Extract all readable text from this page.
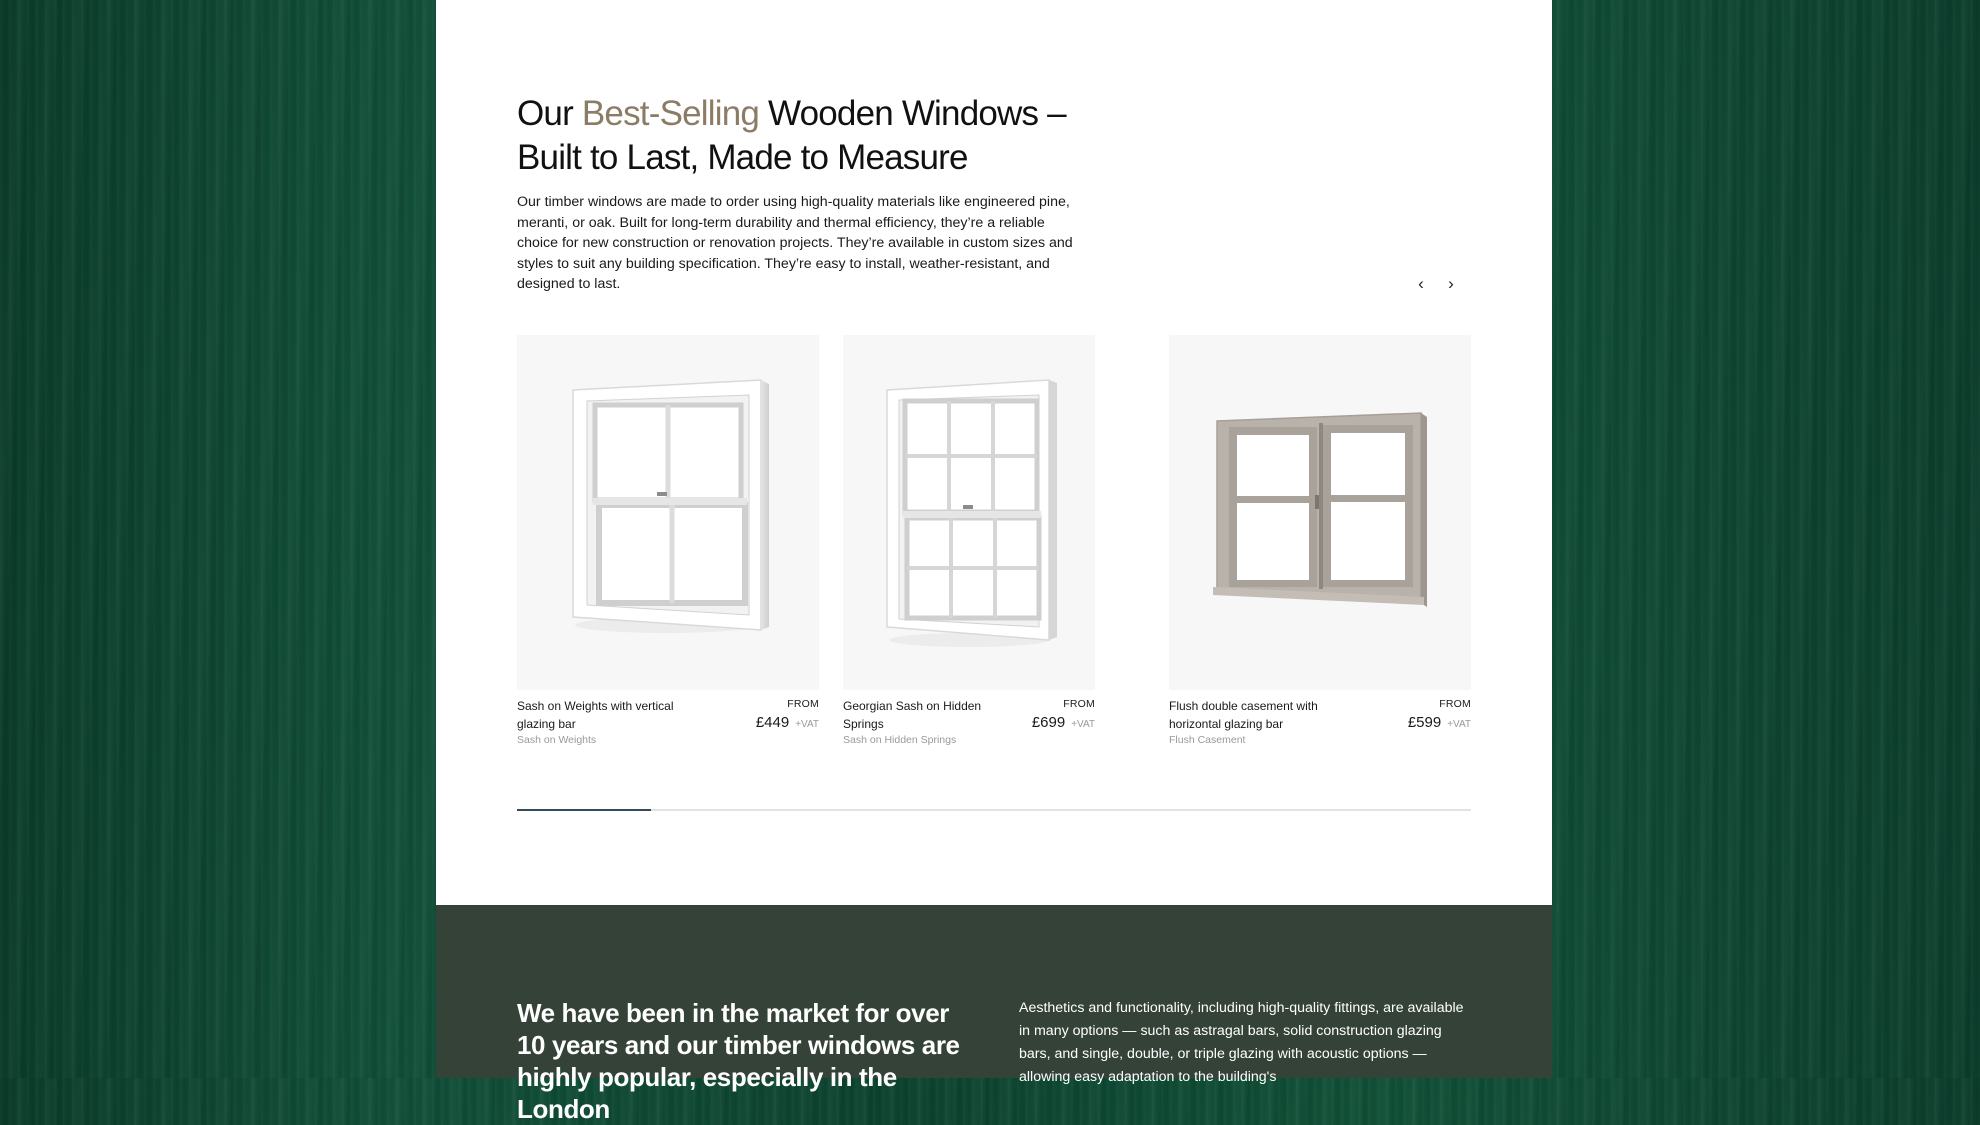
Our Best-Selling Wooden Windows – Built to Last, Made to Measure

Our timber windows are made to order using high-quality materials like engineered pine, meranti, or oak. Built for long-term durability and thermal efficiency, they’re a reliable choice for new construction or renovation projects. They’re available in custom sizes and styles to suit any building specification. They’re easy to install, weather-resistant, and designed to last.	‹	›
Sash on Weights with vertical glazing bar
Sash on Weights
FROM
£449 +VAT
Georgian Sash on Hidden Springs
Sash on Hidden Springs
FROM
£699 +VAT
Flush double casement with horizontal glazing bar
Flush Casement
FROM
£599 +VAT
We have been in the market for over 10 years and our timber windows are highly popular, especially in the London

Aesthetics and functionality, including high-quality fittings, are available in many options — such as astragal bars, solid construction glazing bars, and single, double, or triple glazing with acoustic options — allowing easy adaptation to the building's
